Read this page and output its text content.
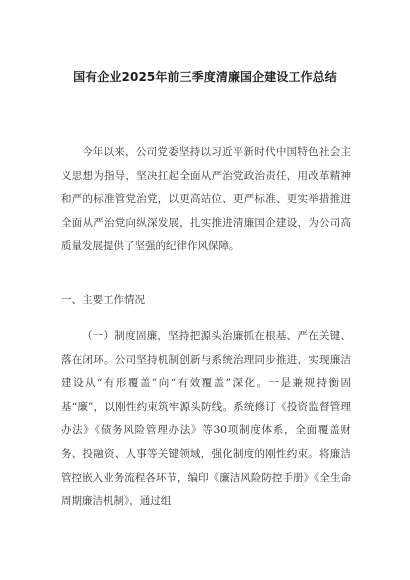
国有企业2025年前三季度清廉国企建设工作总结
今年以来，公司党委坚持以习近平新时代中国特色社会主义思想为指导，坚决扛起全面从严治党政治责任，用改革精神和严的标准管党治党，以更高站位、更严标准、更实举措推进全面从严治党向纵深发展，扎实推进清廉国企建设，为公司高质量发展提供了坚强的纪律作风保障。
一、主要工作情况
（一）制度固廉，坚持把源头治廉抓在根基、严在关键、落在闭环。公司坚持机制创新与系统治理同步推进，实现廉洁建设从“有形覆盖”向“有效覆盖”深化。一是兼规持衡固基“廉”，以刚性约束筑牢源头防线。系统修订《投资监督管理办法》《债务风险管理办法》等30项制度体系，全面覆盖财务、投融资、人事等关键领域，强化制度的刚性约束。将廉洁管控嵌入业务流程各环节，编印《廉洁风险防控手册》《全生命周期廉洁机制》，通过组
